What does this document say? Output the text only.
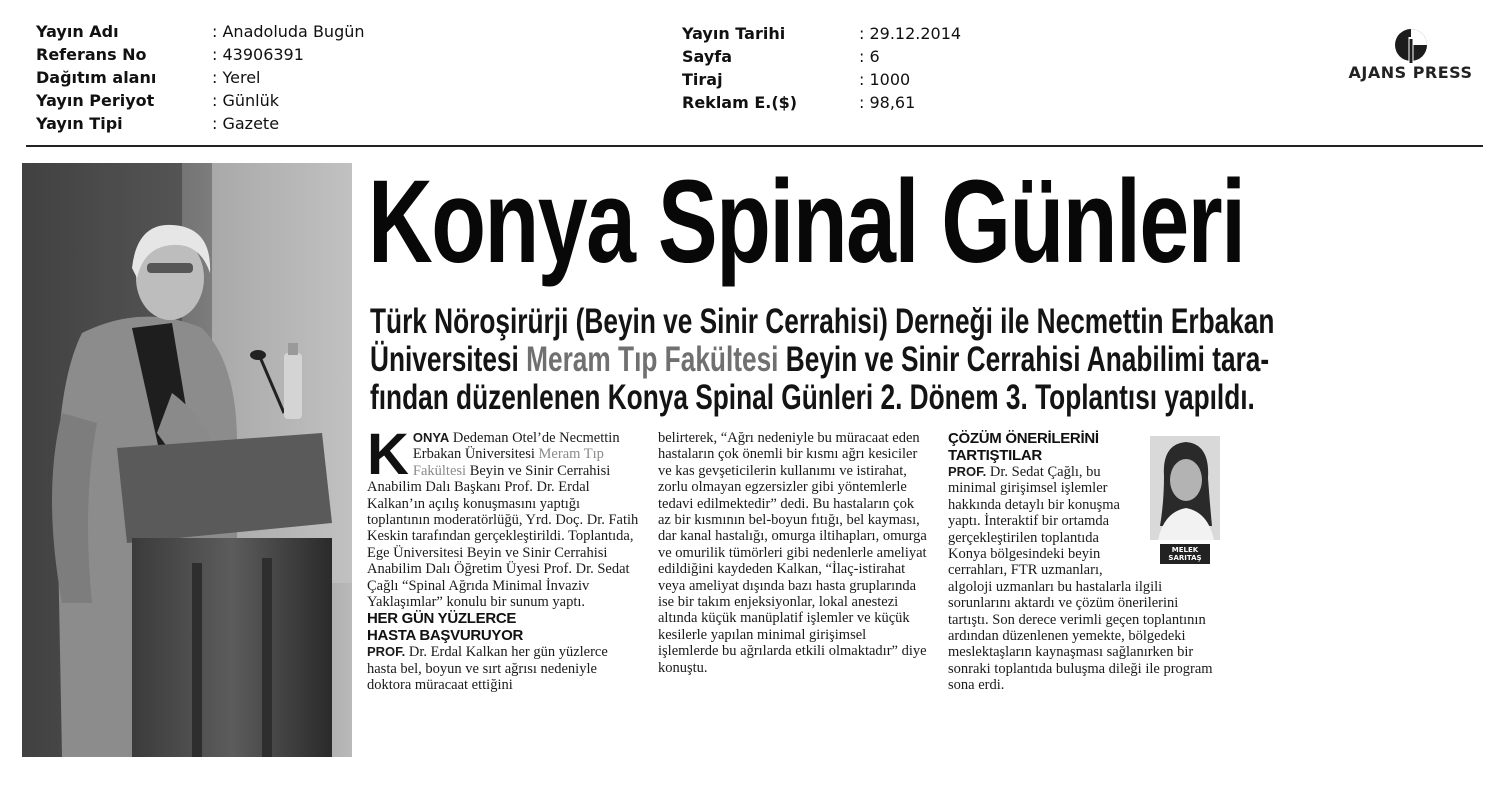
Yayın Adı	: Anadoluda Bugün
Referans No	: 43906391
Dağıtım alanı	: Yerel
Yayın Periyot	: Günlük
Yayın Tipi	: Gazete
Yayın Tarihi	: 29.12.2014
Sayfa	: 6
Tiraj	: 1000
Reklam E.($)	: 98,61
AJANS PRESS
Konya Spinal Günleri
Türk Nöroşirürji (Beyin ve Sinir Cerrahisi) Derneği ile Necmettin Erbakan
Üniversitesi Meram Tıp Fakültesi Beyin ve Sinir Cerrahisi Anabilimi tara-
fından düzenlenen Konya Spinal Günleri 2. Dönem 3. Toplantısı yapıldı.

KONYA Dedeman Otel’de Necmettin Erbakan Üniversitesi Meram Tıp Fakültesi Beyin ve Sinir Cerrahisi Anabilim Dalı Başkanı Prof. Dr. Erdal Kalkan’ın açılış konuşmasını yaptığı toplantının moderatörlüğü, Yrd. Doç. Dr. Fatih Keskin tarafından gerçekleştirildi. Toplantıda, Ege Üniversitesi Beyin ve Sinir Cerrahisi Anabilim Dalı Öğretim Üyesi Prof. Dr. Sedat Çağlı “Spinal Ağrıda Minimal İnvaziv Yaklaşımlar” konulu bir sunum yaptı.

HER GÜN YÜZLERCE
HASTA BAŞVURUYOR

PROF. Dr. Erdal Kalkan her gün yüzlerce hasta bel, boyun ve sırt ağrısı nedeniyle doktora müracaat ettiğini

belirterek, “Ağrı nedeniyle bu müracaat eden hastaların çok önemli bir kısmı ağrı kesiciler ve kas gevşeticilerin kullanımı ve istirahat, zorlu olmayan egzersizler gibi yöntemlerle tedavi edilmektedir” dedi. Bu hastaların çok az bir kısmının bel-boyun fıtığı, bel kayması, dar kanal hastalığı, omurga iltihapları, omurga ve omurilik tümörleri gibi nedenlerle ameliyat edildiğini kaydeden Kalkan, “İlaç-istirahat veya ameliyat dışında bazı hasta gruplarında ise bir takım enjeksiyonlar, lokal anestezi altında küçük manüplatif işlemler ve küçük kesilerle yapılan minimal girişimsel işlemlerde bu ağrılarda etkili olmaktadır” diye konuştu.

ÇÖZÜM ÖNERİLERİNİ
TARTIŞTILAR

PROF. Dr. Sedat Çağlı, bu minimal girişimsel işlemler hakkında detaylı bir konuşma yaptı. İnteraktif bir ortamda gerçekleştirilen toplantıda Konya bölgesindeki beyin cerrahları, FTR uzmanları, algoloji uzmanları bu hastalarla ilgili sorunlarını aktardı ve çözüm önerilerini tartıştı. Son derece verimli geçen toplantının ardından düzenlenen yemekte, bölgedeki meslektaşların kaynaşması sağlanırken bir sonraki toplantıda buluşma dileği ile program sona erdi.

MELEK SARITAŞ
